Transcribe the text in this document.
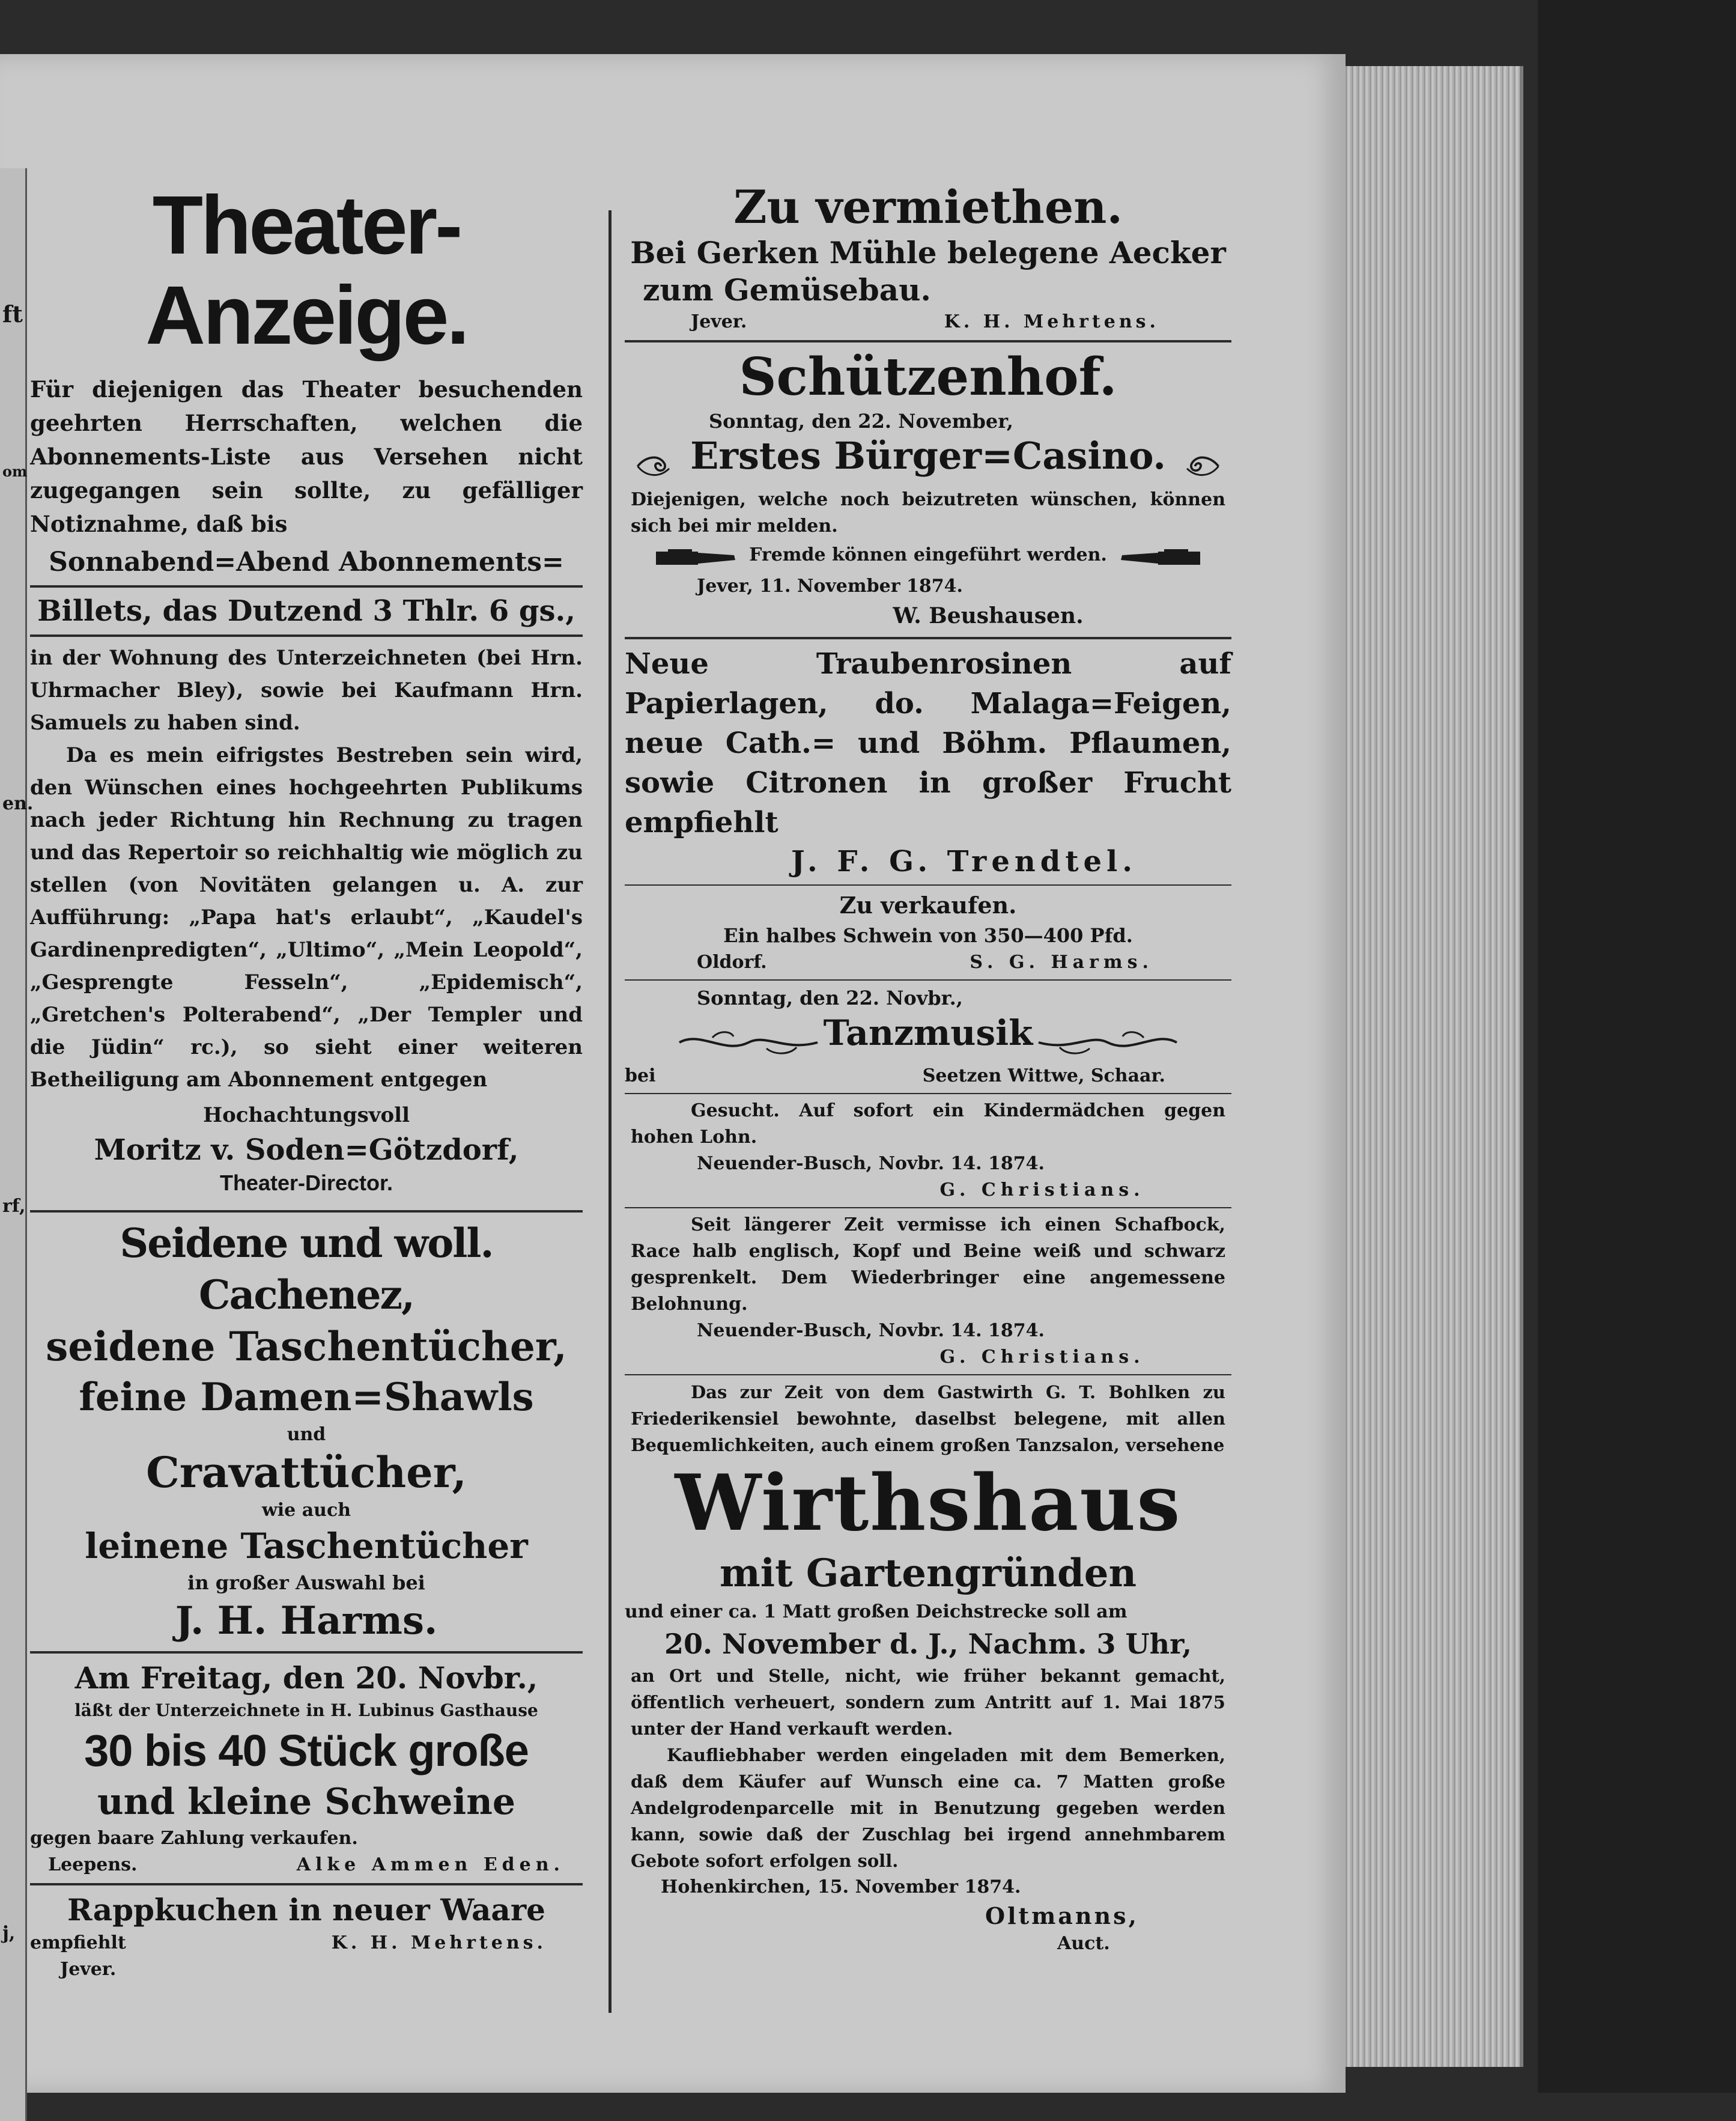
ft
om
en.
rf,
j,
Theater-Anzeige.

Für diejenigen das Theater besuchenden geehrten Herrschaften, welchen die Abonnements-Liste aus Versehen nicht zugegangen sein sollte, zu gefälliger Notiznahme, daß bis

Sonnabend=Abend Abonnements=

Billets, das Dutzend 3 Thlr. 6 gs.,

in der Wohnung des Unterzeichneten (bei Hrn. Uhrmacher Bley), sowie bei Kaufmann Hrn. Samuels zu haben sind.

Da es mein eifrigstes Bestreben sein wird, den Wünschen eines hochgeehrten Publikums nach jeder Richtung hin Rechnung zu tragen und das Repertoir so reichhaltig wie möglich zu stellen (von Novitäten gelangen u. A. zur Aufführung: „Papa hat's erlaubt“, „Kaudel's Gardinenpredigten“, „Ultimo“, „Mein Leopold“, „Gesprengte Fesseln“, „Epidemisch“, „Gretchen's Polterabend“, „Der Templer und die Jüdin“ rc.), so sieht einer weiteren Betheiligung am Abonnement entgegen

Hochachtungsvoll

Moritz v. Soden=Götzdorf,

Theater-Director.

Seidene und woll. Cachenez,

seidene Taschentücher,

feine Damen=Shawls

und

Cravattücher,

wie auch

leinene Taschentücher

in großer Auswahl bei

J. H. Harms.

Am Freitag, den 20. Novbr.,

läßt der Unterzeichnete in H. Lubinus Gasthause

30 bis 40 Stück große

und kleine Schweine

gegen baare Zahlung verkaufen.

Leepens.	Alke Ammen Eden.

Rappkuchen in neuer Waare

empfiehlt	K. H. Mehrtens.

Jever.

Zu vermiethen.

Bei Gerken Mühle belegene Aecker

zum Gemüsebau.

Jever.	K. H. Mehrtens.

Schützenhof.

Sonntag, den 22. November,

Erstes Bürger=Casino.

Diejenigen, welche noch beizutreten wünschen, können sich bei mir melden.

Fremde können eingeführt werden.

Jever, 11. November 1874.

W. Beushausen.

Neue Traubenrosinen auf Papierlagen, do. Malaga=Feigen, neue Cath.= und Böhm. Pflaumen, sowie Citronen in großer Frucht empfiehlt

J. F. G. Trendtel.

Zu verkaufen.

Ein halbes Schwein von 350—400 Pfd.

Oldorf.	S. G. Harms.

Sonntag, den 22. Novbr.,

Tanzmusik
bei	Seetzen Wittwe, Schaar.

Gesucht. Auf sofort ein Kindermädchen gegen hohen Lohn.

Neuender-Busch, Novbr. 14. 1874.

G. Christians.

Seit längerer Zeit vermisse ich einen Schafbock, Race halb englisch, Kopf und Beine weiß und schwarz gesprenkelt. Dem Wiederbringer eine angemessene Belohnung.

Neuender-Busch, Novbr. 14. 1874.

G. Christians.

Das zur Zeit von dem Gastwirth G. T. Bohlken zu Friederikensiel bewohnte, daselbst belegene, mit allen Bequemlichkeiten, auch einem großen Tanzsalon, versehene

Wirthshaus

mit Gartengründen

und einer ca. 1 Matt großen Deichstrecke soll am

20. November d. J., Nachm. 3 Uhr,

an Ort und Stelle, nicht, wie früher bekannt gemacht, öffentlich verheuert, sondern zum Antritt auf 1. Mai 1875 unter der Hand verkauft werden.

Kaufliebhaber werden eingeladen mit dem Bemerken, daß dem Käufer auf Wunsch eine ca. 7 Matten große Andelgrodenparcelle mit in Benutzung gegeben werden kann, sowie daß der Zuschlag bei irgend annehmbarem Gebote sofort erfolgen soll.

Hohenkirchen, 15. November 1874.

Oltmanns,

Auct.
